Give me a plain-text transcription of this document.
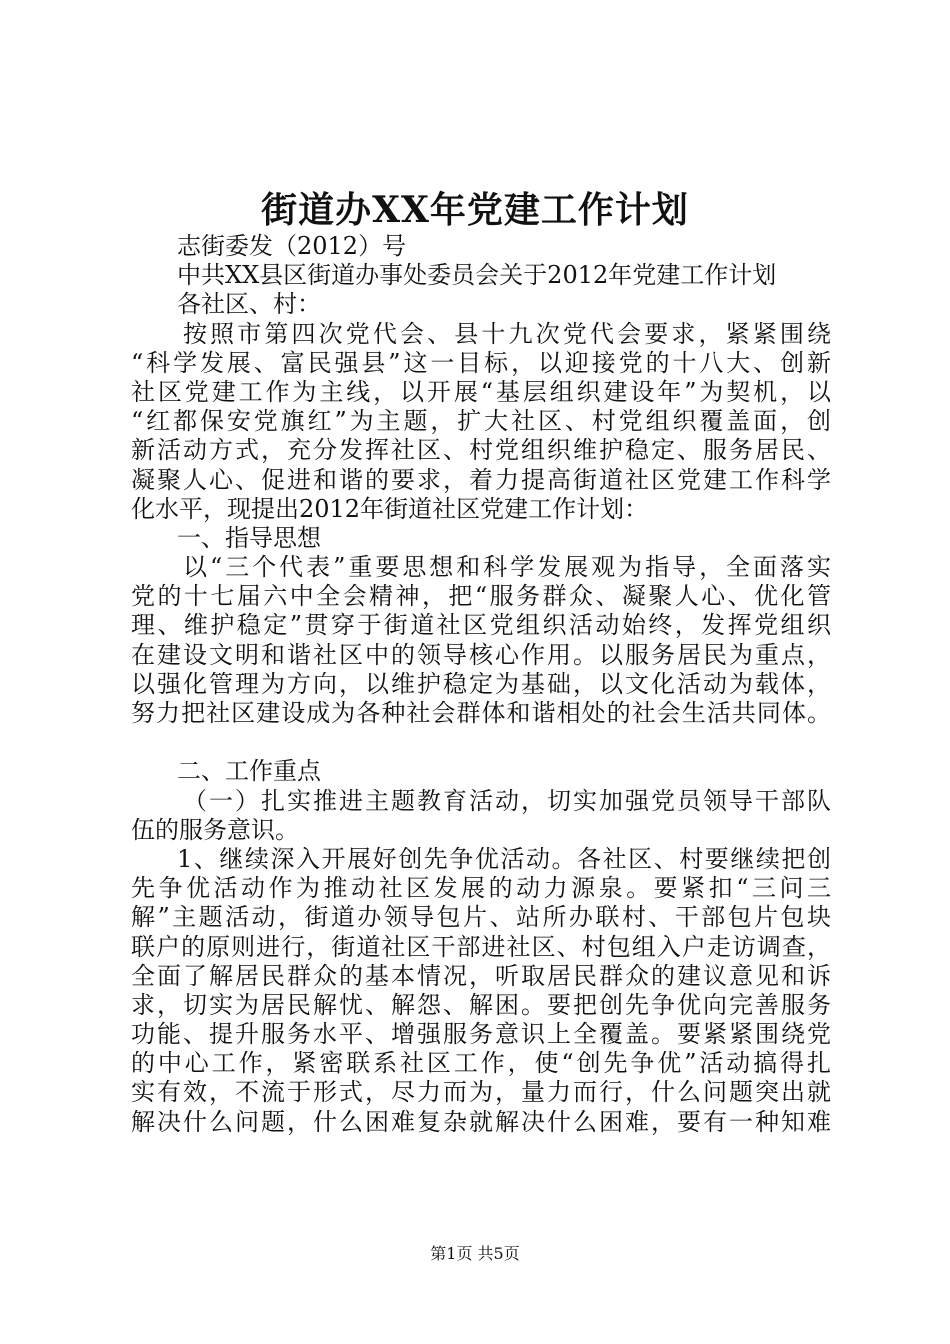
街道办XX年党建工作计划
志街委发（2012）号
中共XX县区街道办事处委员会关于2012年党建工作计划
各社区、村：
按照市第四次党代会、县十九次党代会要求，紧紧围绕
“科学发展、富民强县”这一目标，以迎接党的十八大、创新
社区党建工作为主线，以开展“基层组织建设年”为契机，以
“红都保安党旗红”为主题，扩大社区、村党组织覆盖面，创
新活动方式，充分发挥社区、村党组织维护稳定、服务居民、
凝聚人心、促进和谐的要求，着力提高街道社区党建工作科学
化水平，现提出2012年街道社区党建工作计划：
一、指导思想
以“三个代表”重要思想和科学发展观为指导，全面落实
党的十七届六中全会精神，把“服务群众、凝聚人心、优化管
理、维护稳定”贯穿于街道社区党组织活动始终，发挥党组织
在建设文明和谐社区中的领导核心作用。以服务居民为重点，
以强化管理为方向，以维护稳定为基础，以文化活动为载体，
努力把社区建设成为各种社会群体和谐相处的社会生活共同体。
二、工作重点
（一）扎实推进主题教育活动，切实加强党员领导干部队
伍的服务意识。
1、继续深入开展好创先争优活动。各社区、村要继续把创
先争优活动作为推动社区发展的动力源泉。要紧扣“三问三
解”主题活动，街道办领导包片、站所办联村、干部包片包块
联户的原则进行，街道社区干部进社区、村包组入户走访调查，
全面了解居民群众的基本情况，听取居民群众的建议意见和诉
求，切实为居民解忧、解怨、解困。要把创先争优向完善服务
功能、提升服务水平、增强服务意识上全覆盖。要紧紧围绕党
的中心工作，紧密联系社区工作，使“创先争优”活动搞得扎
实有效，不流于形式，尽力而为，量力而行，什么问题突出就
解决什么问题，什么困难复杂就解决什么困难，要有一种知难
第1页 共5页
